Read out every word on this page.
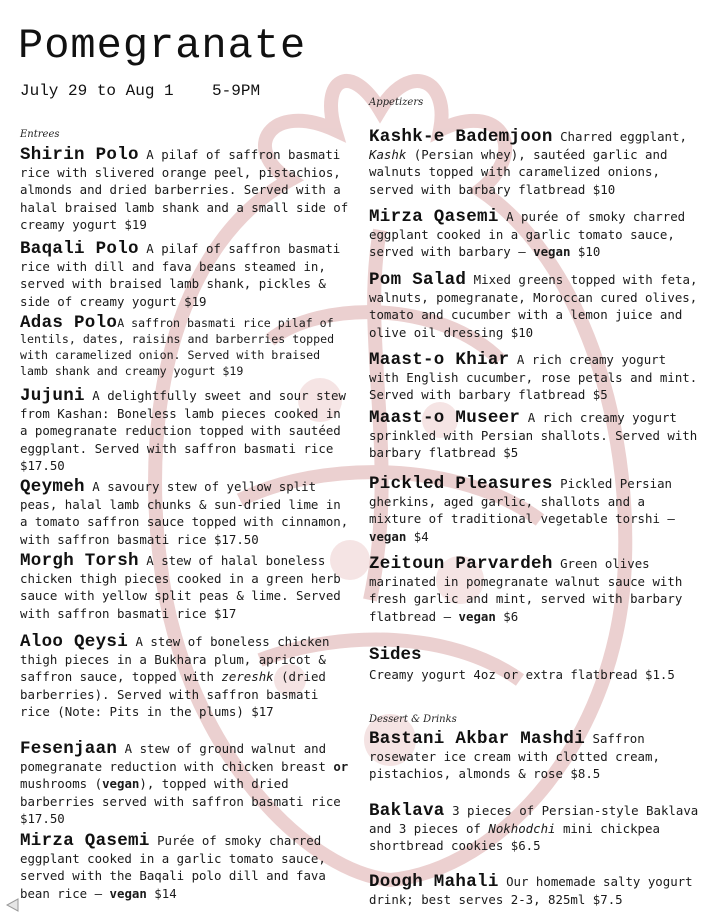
Pomegranate
July 29 to Aug 1 5-9PM
Entrees
Appetizers
Shirin Polo A pilaf of saffron basmati rice with slivered orange peel, pistachios, almonds and dried barberries. Served with a halal braised lamb shank and a small side of creamy yogurt $19
Baqali Polo A pilaf of saffron basmati rice with dill and fava beans steamed in, served with braised lamb shank, pickles & side of creamy yogurt $19
Adas PoloA saffron basmati rice pilaf of lentils, dates, raisins and barberries topped with caramelized onion. Served with braised lamb shank and creamy yogurt $19
Jujuni A delightfully sweet and sour stew from Kashan: Boneless lamb pieces cooked in a pomegranate reduction topped with sautéed eggplant. Served with saffron basmati rice $17.50
Qeymeh A savoury stew of yellow split peas, halal lamb chunks & sun-dried lime in a tomato saffron sauce topped with cinnamon, with saffron basmati rice $17.50
Morgh Torsh A stew of halal boneless chicken thigh pieces cooked in a green herb sauce with yellow split peas & lime. Served with saffron basmati rice $17
Aloo Qeysi A stew of boneless chicken thigh pieces in a Bukhara plum, apricot & saffron sauce, topped with zereshk (dried barberries). Served with saffron basmati rice (Note: Pits in the plums) $17
Fesenjaan A stew of ground walnut and pomegranate reduction with chicken breast or mushrooms (vegan), topped with dried barberries served with saffron basmati rice $17.50
Mirza Qasemi Purée of smoky charred eggplant cooked in a garlic tomato sauce, served with the Baqali polo dill and fava bean rice – vegan $14
Kashk-e Bademjoon Charred eggplant, Kashk (Persian whey), sautéed garlic and walnuts topped with caramelized onions, served with barbary flatbread $10
Mirza Qasemi A purée of smoky charred eggplant cooked in a garlic tomato sauce, served with barbary – vegan $10
Pom Salad Mixed greens topped with feta, walnuts, pomegranate, Moroccan cured olives, tomato and cucumber with a lemon juice and olive oil dressing $10
Maast-o Khiar A rich creamy yogurt with English cucumber, rose petals and mint. Served with barbary flatbread $5
Maast-o Museer A rich creamy yogurt sprinkled with Persian shallots. Served with barbary flatbread $5
Pickled Pleasures Pickled Persian gherkins, aged garlic, shallots and a mixture of traditional vegetable torshi – vegan $4
Zeitoun Parvardeh Green olives marinated in pomegranate walnut sauce with fresh garlic and mint, served with barbary flatbread – vegan $6
Sides
Creamy yogurt 4oz or extra flatbread $1.5
Dessert & Drinks
Bastani Akbar Mashdi Saffron rosewater ice cream with clotted cream, pistachios, almonds & rose $8.5
Baklava 3 pieces of Persian-style Baklava and 3 pieces of Nokhodchi mini chickpea shortbread cookies $6.5
Doogh Mahali Our homemade salty yogurt drink; best serves 2-3, 825ml $7.5
